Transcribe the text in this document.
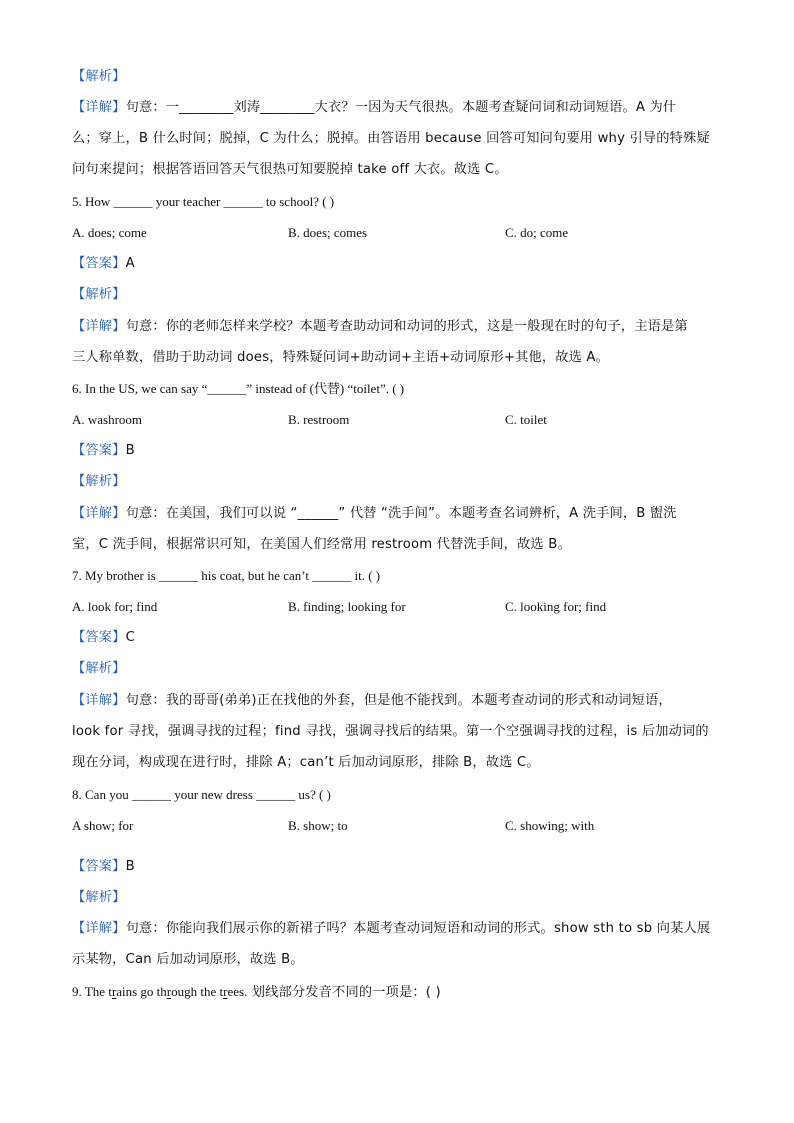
【解析】
【详解】句意：一________刘涛________大衣？一因为天气很热。本题考查疑问词和动词短语。A 为什
么；穿上，B 什么时间；脱掉，C 为什么；脱掉。由答语用 because 回答可知问句要用 why 引导的特殊疑
问句来提问；根据答语回答天气很热可知要脱掉 take off 大衣。故选 C。
5. How ______ your teacher ______ to school? ( )
A. does; come	B. does; comes	C. do; come
【答案】A
【解析】
【详解】句意：你的老师怎样来学校？本题考查助动词和动词的形式，这是一般现在时的句子，主语是第
三人称单数，借助于助动词 does，特殊疑问词+助动词+主语+动词原形+其他，故选 A。
6. In the US, we can say “______” instead of (代替) “toilet”. ( )
A. washroom	B. restroom	C. toilet
【答案】B
【解析】
【详解】句意：在美国，我们可以说 “______” 代替 “洗手间”。本题考查名词辨析，A 洗手间，B 盥洗
室，C 洗手间，根据常识可知，在美国人们经常用 restroom 代替洗手间，故选 B。
7. My brother is ______ his coat, but he can’t ______ it. ( )
A. look for; find	B. finding; looking for	C. looking for; find
【答案】C
【解析】
【详解】句意：我的哥哥(弟弟)正在找他的外套，但是他不能找到。本题考查动词的形式和动词短语，
look for 寻找，强调寻找的过程；find 寻找，强调寻找后的结果。第一个空强调寻找的过程，is 后加动词的
现在分词，构成现在进行时，排除 A；can’t 后加动词原形，排除 B，故选 C。
8. Can you ______ your new dress ______ us? ( )
A show; for	B. show; to	C. showing; with
【答案】B
【解析】
【详解】句意：你能向我们展示你的新裙子吗？本题考查动词短语和动词的形式。show sth to sb 向某人展
示某物，Can 后加动词原形，故选 B。
9. The trains go through the trees. 划线部分发音不同的一项是：( )
